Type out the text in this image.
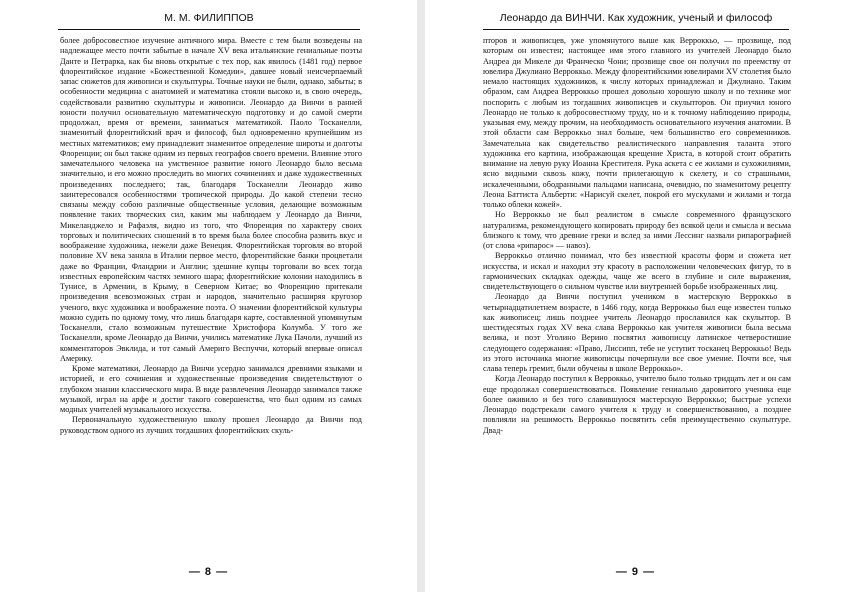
М. М. ФИЛИППОВ

более добросовестное изучение античного мира. Вместе с тем были возведены на надлежащее место почти забытые в начале XV века итальянские гениальные поэты Данте и Петрарка, как бы вновь открытые с тех пор, как явилось (1481 год) первое флорентийское издание «Божественной Комедии», давшее новый неисчерпаемый запас сюжетов для живописи и скульптуры. Точные науки не были, однако, забыты; в особенности медицина с анатомией и математика стояли высоко и, в свою очередь, содействовали развитию скульптуры и живописи. Леонардо да Винчи в ранней юности получил основательную математическую подготовку и до самой смерти продолжал, время от времени, заниматься математикой. Паоло Тосканелли, знаменитый флорентийский врач и философ, был одновременно крупнейшим из местных математиков; ему принадлежит знаменитое определение широты и долготы Флоренции; он был также одним из первых географов своего времени. Влияние этого замечательного человека на умственное развитие юного Леонардо было весьма значительно, и его можно проследить во многих сочинениях и даже художественных произведениях последнего; так, благодаря Тосканелли Леонардо живо заинтересовался особенностями тропической природы. До какой степени тесно связаны между собою различные общественные условия, делающие возможным появление таких творческих сил, каким мы наблюдаем у Леонардо да Винчи, Микеланджело и Рафаэля, видно из того, что Флоренция по характеру своих торговых и политических сношений в то время была более способна развить вкус и воображение художника, нежели даже Венеция. Флорентийская торговля во второй половине XV века заняла в Италии первое место, флорентийские банки процветали даже во Франции, Фландрии и Англии; здешние купцы торговали во всех тогда известных европейским частях земного шара; флорентийские колонии находились в Тунисе, в Армении, в Крыму, в Северном Китае; во Флоренцию притекали произведения всевозможных стран и народов, значительно расширяя кругозор ученого, вкус художника и воображение поэта. О значении флорентийской культуры можно судить по одному тому, что лишь благодаря карте, составленной упомянутым Тосканелли, стало возможным путешествие Христофора Колумба. У того же Тосканелли, кроме Леонардо да Винчи, учились математике Лука Пачоли, лучший из комментаторов Эвклида, и тот самый Америго Веспуччи, который впервые описал Америку.

Кроме математики, Леонардо да Винчи усердно занимался древними языками и историей, и его сочинения и художественные произведения свидетельствуют о глубоком знании классического мира. В виде развлечения Леонардо занимался также музыкой, играл на арфе и достиг такого совершенства, что был одним из самых модных учителей музыкального искусства.

Первоначальную художественную школу прошел Леонардо да Винчи под руководством одного из лучших тогдашних флорентийских скуль-

— 8 —
Леонардо да ВИНЧИ. Как художник, ученый и философ

пторов и живописцев, уже упомянутого выше как Верроккьо, — прозвище, под которым он известен; настоящее имя этого главного из учителей Леонардо было Андреа ди Микеле ди Франческо Чони; прозвище свое он получил по преемству от ювелира Джулиано Верроккьо. Между флорентийскими ювелирами XV столетия было немало настоящих художников, к числу которых принадлежал и Джулиано. Таким образом, сам Андреа Верроккьо прошел довольно хорошую школу и по технике мог поспорить с любым из тогдашних живописцев и скульпторов. Он приучил юного Леонардо не только к добросовестному труду, но и к точному наблюдению природы, указывая ему, между прочим, на необходимость основательного изучения анатомии. В этой области сам Верроккьо знал больше, чем большинство его современников. Замечательна как свидетельство реалистического направления таланта этого художника его картина, изображающая крещение Христа, в которой стоит обратить внимание на левую руку Иоанна Крестителя. Рука аскета с ее жилами и сухожилиями, ясно видными сквозь кожу, почти прилегающую к скелету, и со страшными, искалеченными, ободранными пальцами написана, очевидно, по знаменитому рецепту Леона Баттиста Альберти: «Нарисуй скелет, покрой его мускулами и жилами и тогда только облеки кожей».

Но Верроккьо не был реалистом в смысле современного французского натурализма, рекомендующего копировать природу без всякой цели и смысла и весьма близкого к тому, что древние греки и вслед за ними Лессинг назвали рипарографией (от слова «рипарос» — навоз).

Верроккьо отлично понимал, что без известной красоты форм и сюжета нет искусства, и искал и находил эту красоту в расположении человеческих фигур, то в гармонических складках одежды, чаще же всего в глубине и силе выражения, свидетельствующего о сильном чувстве или внутренней борьбе изображенных лиц.

Леонардо да Винчи поступил учеником в мастерскую Верроккьо в четырнадцатилетнем возрасте, в 1466 году, когда Верроккьо был еще известен только как живописец; лишь позднее учитель Леонардо прославился как скульптор. В шестидесятых годах XV века слава Верроккьо как учителя живописи была весьма велика, и поэт Уголино Верино посвятил живописцу латинское четверостишие следующего содержания: «Право, Лиссипп, тебе не уступит тосканец Верроккьо! Ведь из этого источника многие живописцы почерпнули все свое умение. Почти все, чья слава теперь гремит, были обучены в школе Верроккьо».

Когда Леонардо поступил к Верроккьо, учителю было только тридцать лет и он сам еще продолжал совершенствоваться. Появление гениально даровитого ученика еще более оживило и без того славившуюся мастерскую Верроккьо; быстрые успехи Леонардо подстрекали самого учителя к труду и совершенствованию, а позднее повлияли на решимость Верроккьо посвятить себя преимущественно скульптуре. Двад-

— 9 —
